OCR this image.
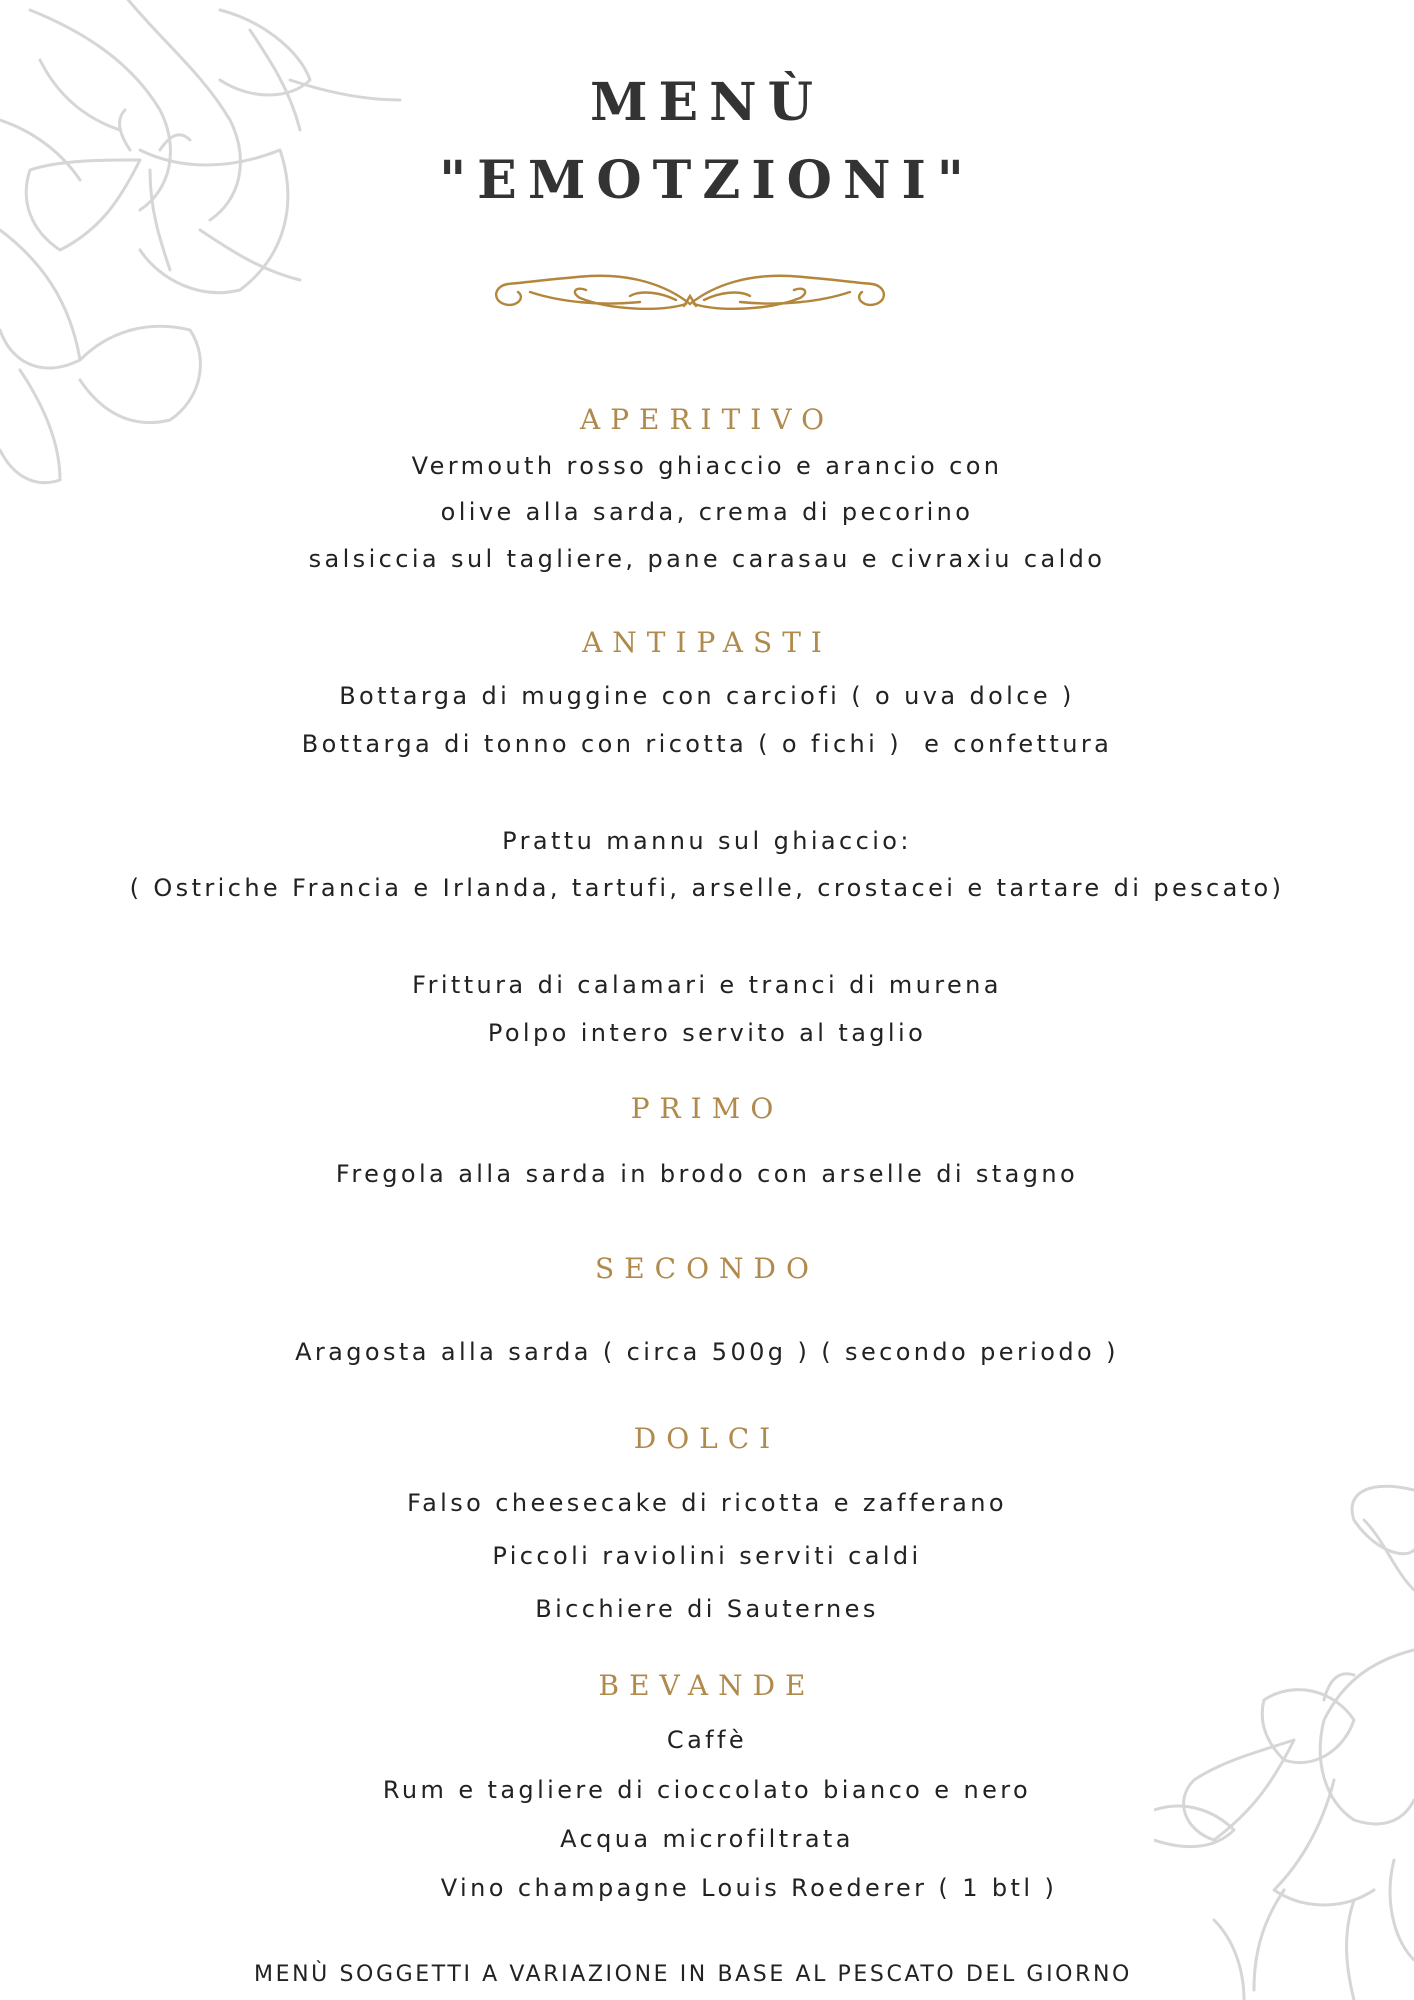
MENÙ
"EMOTZIONI"
APERITIVO
Vermouth rosso ghiaccio e arancio con
olive alla sarda, crema di pecorino
salsiccia sul tagliere, pane carasau e civraxiu caldo
ANTIPASTI
Bottarga di muggine con carciofi ( o uva dolce )
Bottarga di tonno con ricotta ( o fichi )  e confettura
Prattu mannu sul ghiaccio:
( Ostriche Francia e Irlanda, tartufi, arselle, crostacei e tartare di pescato)
Frittura di calamari e tranci di murena
Polpo intero servito al taglio
PRIMO
Fregola alla sarda in brodo con arselle di stagno
SECONDO
Aragosta alla sarda ( circa 500g ) ( secondo periodo )
DOLCI
Falso cheesecake di ricotta e zafferano
Piccoli raviolini serviti caldi
Bicchiere di Sauternes
BEVANDE
Caffè
Rum e tagliere di cioccolato bianco e nero
Acqua microfiltrata
Vino champagne Louis Roederer ( 1 btl )
MENÙ SOGGETTI A VARIAZIONE IN BASE AL PESCATO DEL GIORNO
